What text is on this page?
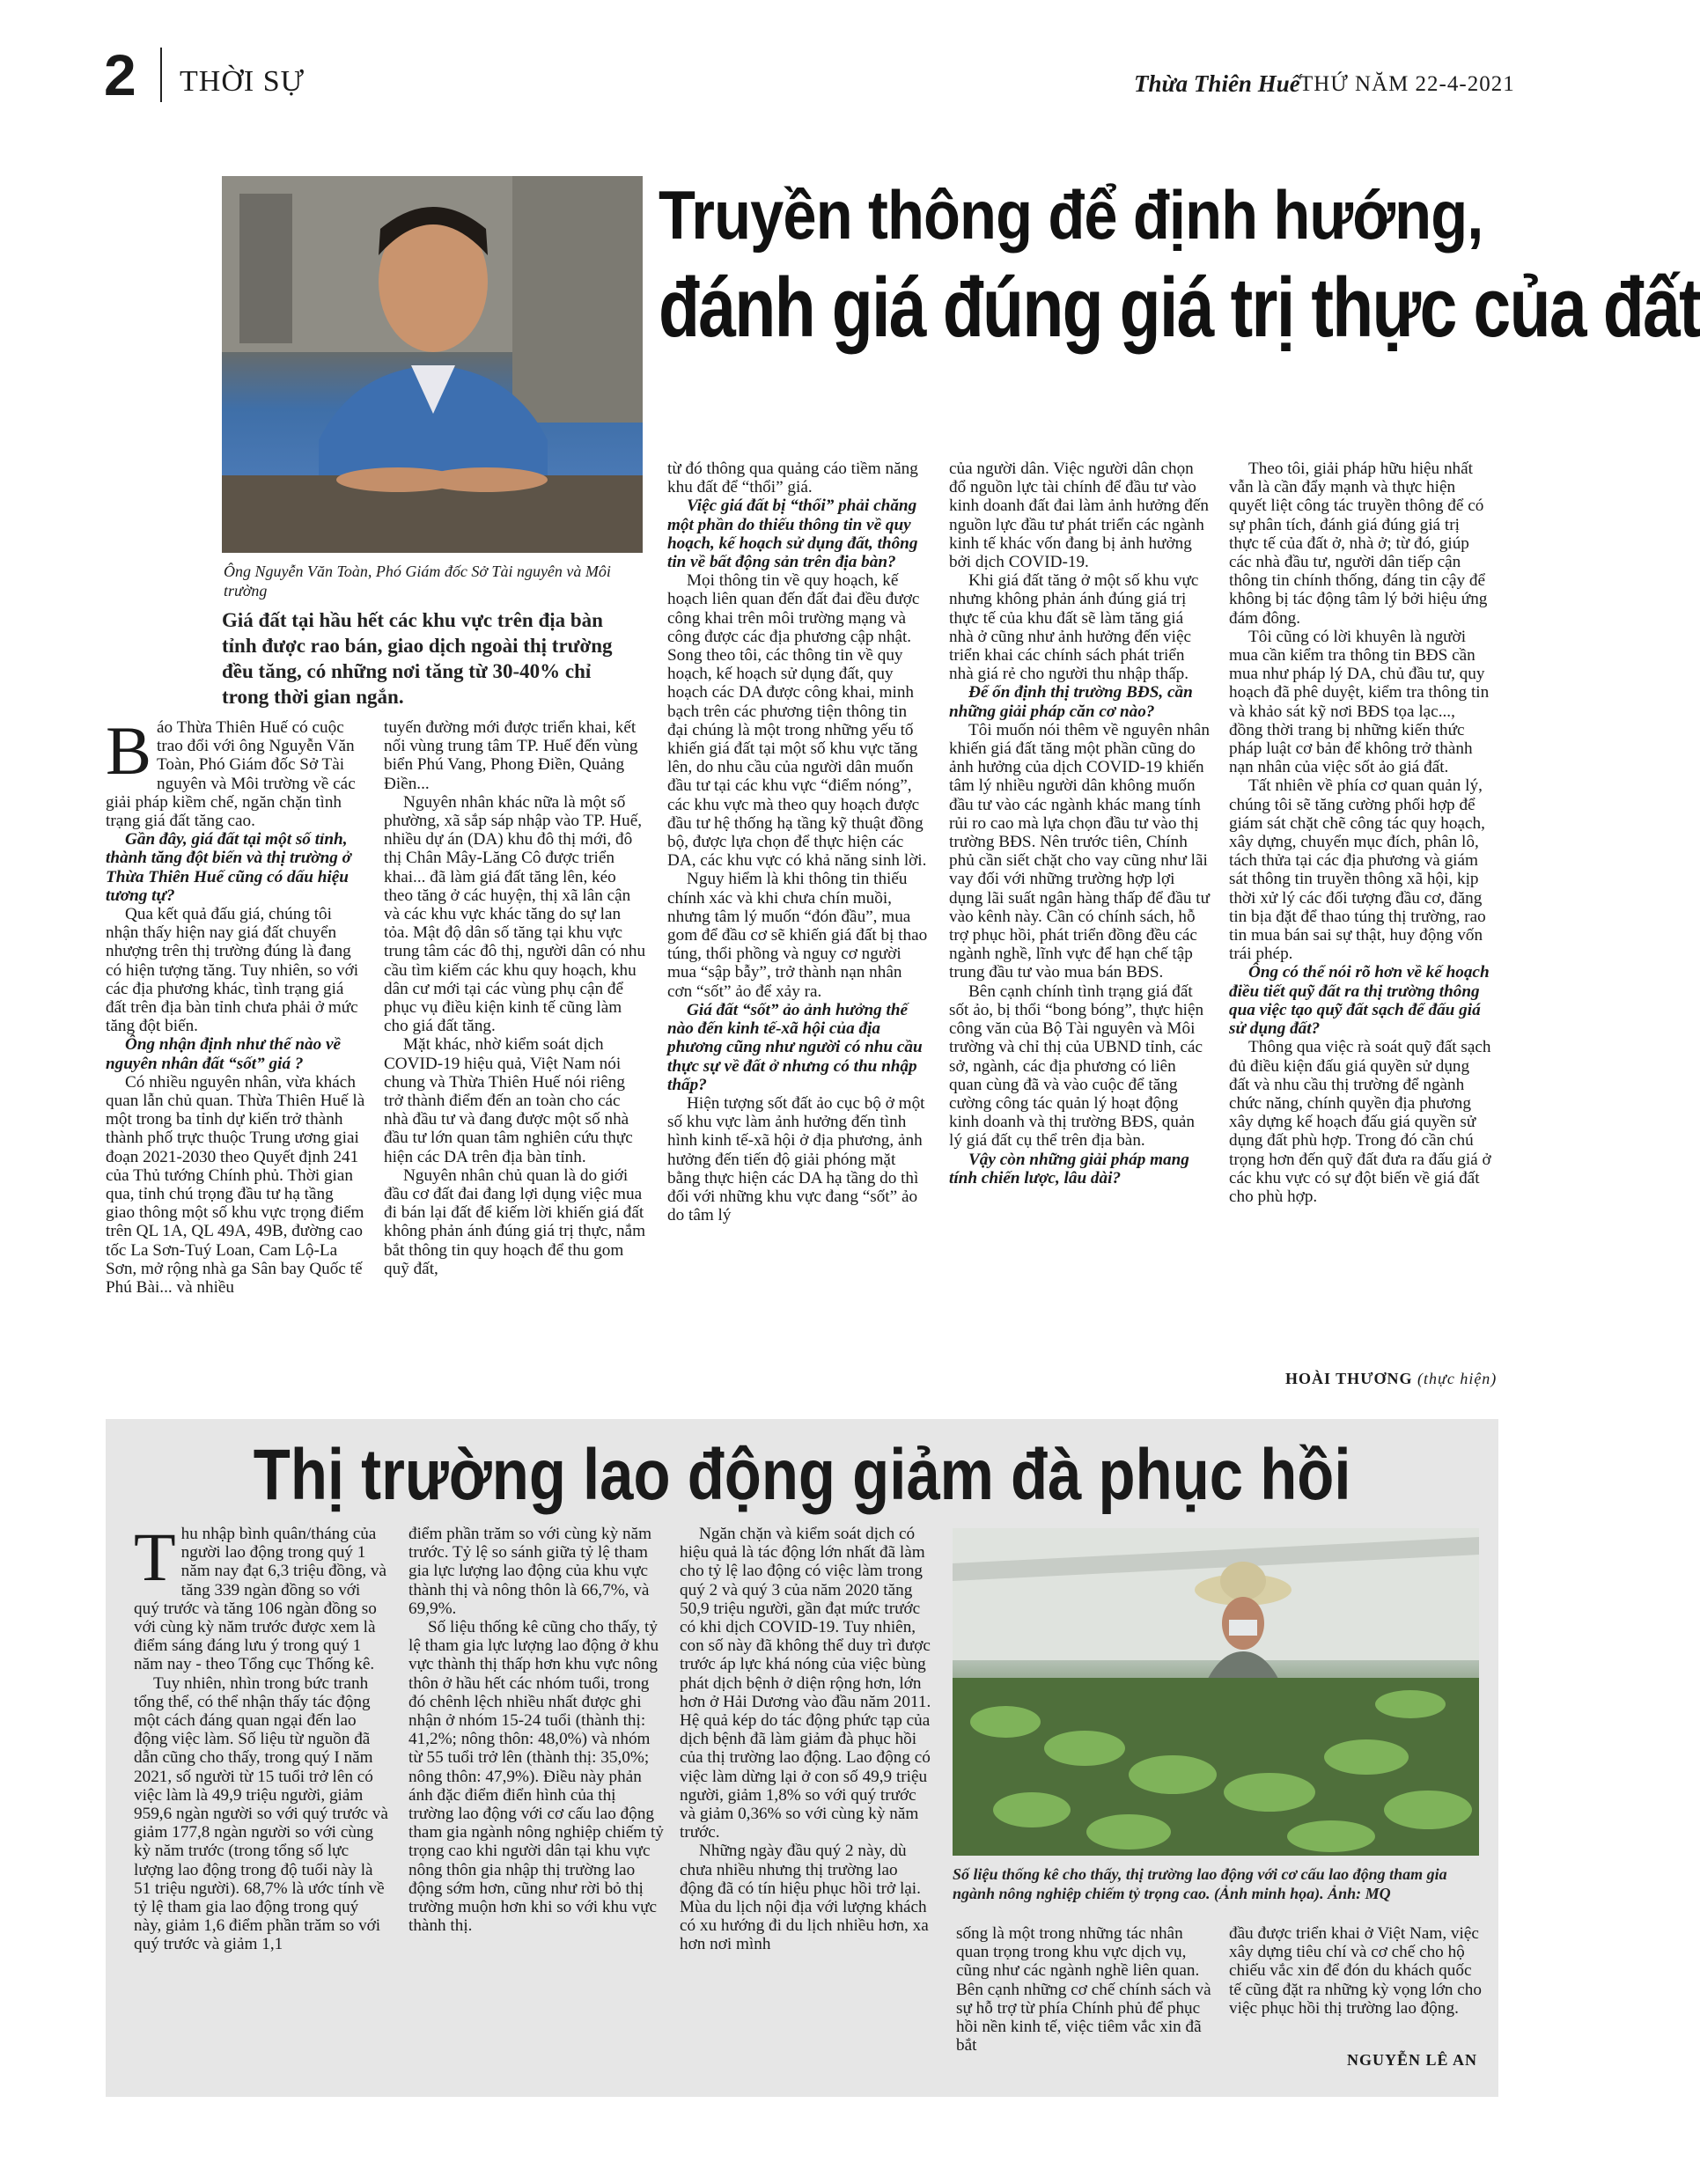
2 THỜI SỰ	Thừa Thiên Huế THỨ NĂM 22-4-2021
Ông Nguyễn Văn Toàn, Phó Giám đốc Sở Tài nguyên và Môi trường
Truyền thông để định hướng,
đánh giá đúng giá trị thực của đất
Giá đất tại hầu hết các khu vực trên địa bàn tỉnh được rao bán, giao dịch ngoài thị trường đều tăng, có những nơi tăng từ 30-40% chỉ trong thời gian ngắn.

Báo Thừa Thiên Huế có cuộc trao đổi với ông Nguyễn Văn Toàn, Phó Giám đốc Sở Tài nguyên và Môi trường về các giải pháp kiềm chế, ngăn chặn tình trạng giá đất tăng cao.

Gần đây, giá đất tại một số tỉnh, thành tăng đột biến và thị trường ở Thừa Thiên Huế cũng có dấu hiệu tương tự?

Qua kết quả đấu giá, chúng tôi nhận thấy hiện nay giá đất chuyển nhượng trên thị trường đúng là đang có hiện tượng tăng. Tuy nhiên, so với các địa phương khác, tình trạng giá đất trên địa bàn tỉnh chưa phải ở mức tăng đột biến.

Ông nhận định như thế nào về nguyên nhân đất “sốt” giá ?

Có nhiều nguyên nhân, vừa khách quan lẫn chủ quan. Thừa Thiên Huế là một trong ba tỉnh dự kiến trở thành thành phố trực thuộc Trung ương giai đoạn 2021-2030 theo Quyết định 241 của Thủ tướng Chính phủ. Thời gian qua, tỉnh chú trọng đầu tư hạ tầng giao thông một số khu vực trọng điểm trên QL 1A, QL 49A, 49B, đường cao tốc La Sơn-Tuý Loan, Cam Lộ-La Sơn, mở rộng nhà ga Sân bay Quốc tế Phú Bài... và nhiều

tuyến đường mới được triển khai, kết nối vùng trung tâm TP. Huế đến vùng biển Phú Vang, Phong Điền, Quảng Điền...

Nguyên nhân khác nữa là một số phường, xã sắp sáp nhập vào TP. Huế, nhiều dự án (DA) khu đô thị mới, đô thị Chân Mây-Lăng Cô được triển khai... đã làm giá đất tăng lên, kéo theo tăng ở các huyện, thị xã lân cận và các khu vực khác tăng do sự lan tỏa. Mật độ dân số tăng tại khu vực trung tâm các đô thị, người dân có nhu cầu tìm kiếm các khu quy hoạch, khu dân cư mới tại các vùng phụ cận để phục vụ điều kiện kinh tế cũng làm cho giá đất tăng.

Mặt khác, nhờ kiểm soát dịch COVID-19 hiệu quả, Việt Nam nói chung và Thừa Thiên Huế nói riêng trở thành điểm đến an toàn cho các nhà đầu tư và đang được một số nhà đầu tư lớn quan tâm nghiên cứu thực hiện các DA trên địa bàn tỉnh.

Nguyên nhân chủ quan là do giới đầu cơ đất đai đang lợi dụng việc mua đi bán lại đất để kiếm lời khiến giá đất không phản ánh đúng giá trị thực, nắm bắt thông tin quy hoạch để thu gom quỹ đất,

từ đó thông qua quảng cáo tiềm năng khu đất để “thổi” giá.

Việc giá đất bị “thổi” phải chăng một phần do thiếu thông tin về quy hoạch, kế hoạch sử dụng đất, thông tin về bất động sản trên địa bàn?

Mọi thông tin về quy hoạch, kế hoạch liên quan đến đất đai đều được công khai trên môi trường mạng và công được các địa phương cập nhật. Song theo tôi, các thông tin về quy hoạch, kế hoạch sử dụng đất, quy hoạch các DA được công khai, minh bạch trên các phương tiện thông tin đại chúng là một trong những yếu tố khiến giá đất tại một số khu vực tăng lên, do nhu cầu của người dân muốn đầu tư tại các khu vực “điểm nóng”, các khu vực mà theo quy hoạch được đầu tư hệ thống hạ tầng kỹ thuật đồng bộ, được lựa chọn để thực hiện các DA, các khu vực có khả năng sinh lời.

Nguy hiểm là khi thông tin thiếu chính xác và khi chưa chín muồi, nhưng tâm lý muốn “đón đầu”, mua gom để đầu cơ sẽ khiến giá đất bị thao túng, thổi phồng và nguy cơ người mua “sập bẫy”, trở thành nạn nhân cơn “sốt” ảo để xảy ra.

Giá đất “sốt” ảo ảnh hưởng thế nào đến kinh tế-xã hội của địa phương cũng như người có nhu cầu thực sự về đất ở nhưng có thu nhập thấp?

Hiện tượng sốt đất ảo cục bộ ở một số khu vực làm ảnh hưởng đến tình hình kinh tế-xã hội ở địa phương, ảnh hưởng đến tiến độ giải phóng mặt bằng thực hiện các DA hạ tầng do thì đối với những khu vực đang “sốt” ảo do tâm lý

của người dân. Việc người dân chọn đổ nguồn lực tài chính để đầu tư vào kinh doanh đất đai làm ảnh hưởng đến nguồn lực đầu tư phát triển các ngành kinh tế khác vốn đang bị ảnh hưởng bởi dịch COVID-19.

Khi giá đất tăng ở một số khu vực nhưng không phản ánh đúng giá trị thực tế của khu đất sẽ làm tăng giá nhà ở cũng như ảnh hưởng đến việc triển khai các chính sách phát triển nhà giá rẻ cho người thu nhập thấp.

Để ổn định thị trường BĐS, cần những giải pháp căn cơ nào?

Tôi muốn nói thêm về nguyên nhân khiến giá đất tăng một phần cũng do ảnh hưởng của dịch COVID-19 khiến tâm lý nhiều người dân không muốn đầu tư vào các ngành khác mang tính rủi ro cao mà lựa chọn đầu tư vào thị trường BĐS. Nên trước tiên, Chính phủ cần siết chặt cho vay cũng như lãi vay đối với những trường hợp lợi dụng lãi suất ngân hàng thấp để đầu tư vào kênh này. Cần có chính sách, hỗ trợ phục hồi, phát triển đồng đều các ngành nghề, lĩnh vực để hạn chế tập trung đầu tư vào mua bán BĐS.

Bên cạnh chính tình trạng giá đất sốt ảo, bị thổi “bong bóng”, thực hiện công văn của Bộ Tài nguyên và Môi trường và chỉ thị của UBND tỉnh, các sở, ngành, các địa phương có liên quan cùng đã và vào cuộc để tăng cường công tác quản lý hoạt động kinh doanh và thị trường BĐS, quản lý giá đất cụ thể trên địa bàn.

Vậy còn những giải pháp mang tính chiến lược, lâu dài?

Theo tôi, giải pháp hữu hiệu nhất vẫn là cần đẩy mạnh và thực hiện quyết liệt công tác truyền thông để có sự phân tích, đánh giá đúng giá trị thực tế của đất ở, nhà ở; từ đó, giúp các nhà đầu tư, người dân tiếp cận thông tin chính thống, đáng tin cậy để không bị tác động tâm lý bởi hiệu ứng đám đông.

Tôi cũng có lời khuyên là người mua cần kiểm tra thông tin BĐS cần mua như pháp lý DA, chủ đầu tư, quy hoạch đã phê duyệt, kiểm tra thông tin và khảo sát kỹ nơi BĐS tọa lạc..., đồng thời trang bị những kiến thức pháp luật cơ bản để không trở thành nạn nhân của việc sốt ảo giá đất.

Tất nhiên về phía cơ quan quản lý, chúng tôi sẽ tăng cường phối hợp để giám sát chặt chẽ công tác quy hoạch, xây dựng, chuyển mục đích, phân lô, tách thửa tại các địa phương và giám sát thông tin truyền thông xã hội, kịp thời xử lý các đối tượng đầu cơ, đăng tin bịa đặt để thao túng thị trường, rao tin mua bán sai sự thật, huy động vốn trái phép.

Ông có thể nói rõ hơn về kế hoạch điều tiết quỹ đất ra thị trường thông qua việc tạo quỹ đất sạch để đấu giá sử dụng đất?

Thông qua việc rà soát quỹ đất sạch đủ điều kiện đấu giá quyền sử dụng đất và nhu cầu thị trường để ngành chức năng, chính quyền địa phương xây dựng kế hoạch đấu giá quyền sử dụng đất phù hợp. Trong đó cần chú trọng hơn đến quỹ đất đưa ra đấu giá ở các khu vực có sự đột biến về giá đất cho phù hợp.

HOÀI THƯƠNG (thực hiện)
Thị trường lao động giảm đà phục hồi

Thu nhập bình quân/tháng của người lao động trong quý 1 năm nay đạt 6,3 triệu đồng, và tăng 339 ngàn đồng so với quý trước và tăng 106 ngàn đồng so với cùng kỳ năm trước được xem là điểm sáng đáng lưu ý trong quý 1 năm nay - theo Tổng cục Thống kê.

Tuy nhiên, nhìn trong bức tranh tổng thể, có thể nhận thấy tác động một cách đáng quan ngại đến lao động việc làm. Số liệu từ nguồn đã dẫn cũng cho thấy, trong quý I năm 2021, số người từ 15 tuổi trở lên có việc làm là 49,9 triệu người, giảm 959,6 ngàn người so với quý trước và giảm 177,8 ngàn người so với cùng kỳ năm trước (trong tổng số lực lượng lao động trong độ tuổi này là 51 triệu người). 68,7% là ước tính về tỷ lệ tham gia lao động trong quý này, giảm 1,6 điểm phần trăm so với quý trước và giảm 1,1

điểm phần trăm so với cùng kỳ năm trước. Tỷ lệ so sánh giữa tỷ lệ tham gia lực lượng lao động của khu vực thành thị và nông thôn là 66,7%, và 69,9%.

Số liệu thống kê cũng cho thấy, tỷ lệ tham gia lực lượng lao động ở khu vực thành thị thấp hơn khu vực nông thôn ở hầu hết các nhóm tuổi, trong đó chênh lệch nhiều nhất được ghi nhận ở nhóm 15-24 tuổi (thành thị: 41,2%; nông thôn: 48,0%) và nhóm từ 55 tuổi trở lên (thành thị: 35,0%; nông thôn: 47,9%). Điều này phản ánh đặc điểm điển hình của thị trường lao động với cơ cấu lao động tham gia ngành nông nghiệp chiếm tỷ trọng cao khi người dân tại khu vực nông thôn gia nhập thị trường lao động sớm hơn, cũng như rời bỏ thị trường muộn hơn khi so với khu vực thành thị.

Ngăn chặn và kiểm soát dịch có hiệu quả là tác động lớn nhất đã làm cho tỷ lệ lao động có việc làm trong quý 2 và quý 3 của năm 2020 tăng 50,9 triệu người, gần đạt mức trước có khi dịch COVID-19. Tuy nhiên, con số này đã không thể duy trì được trước áp lực khá nóng của việc bùng phát dịch bệnh ở diện rộng hơn, lớn hơn ở Hải Dương vào đầu năm 2011. Hệ quả kép do tác động phức tạp của dịch bệnh đã làm giảm đà phục hồi của thị trường lao động. Lao động có việc làm dừng lại ở con số 49,9 triệu người, giảm 1,8% so với quý trước và giảm 0,36% so với cùng kỳ năm trước.

Những ngày đầu quý 2 này, dù chưa nhiều nhưng thị trường lao động đã có tín hiệu phục hồi trở lại. Mùa du lịch nội địa với lượng khách có xu hướng đi du lịch nhiều hơn, xa hơn nơi mình

Số liệu thống kê cho thấy, thị trường lao động với cơ cấu lao động tham gia ngành nông nghiệp chiếm tỷ trọng cao. (Ảnh minh họa). Ảnh: MQ

sống là một trong những tác nhân quan trọng trong khu vực dịch vụ, cũng như các ngành nghề liên quan. Bên cạnh những cơ chế chính sách và sự hỗ trợ từ phía Chính phủ để phục hồi nền kinh tế, việc tiêm vắc xin đã bắt

đầu được triển khai ở Việt Nam, việc xây dựng tiêu chí và cơ chế cho hộ chiếu vắc xin để đón du khách quốc tế cũng đặt ra những kỳ vọng lớn cho việc phục hồi thị trường lao động.

NGUYỄN LÊ AN
